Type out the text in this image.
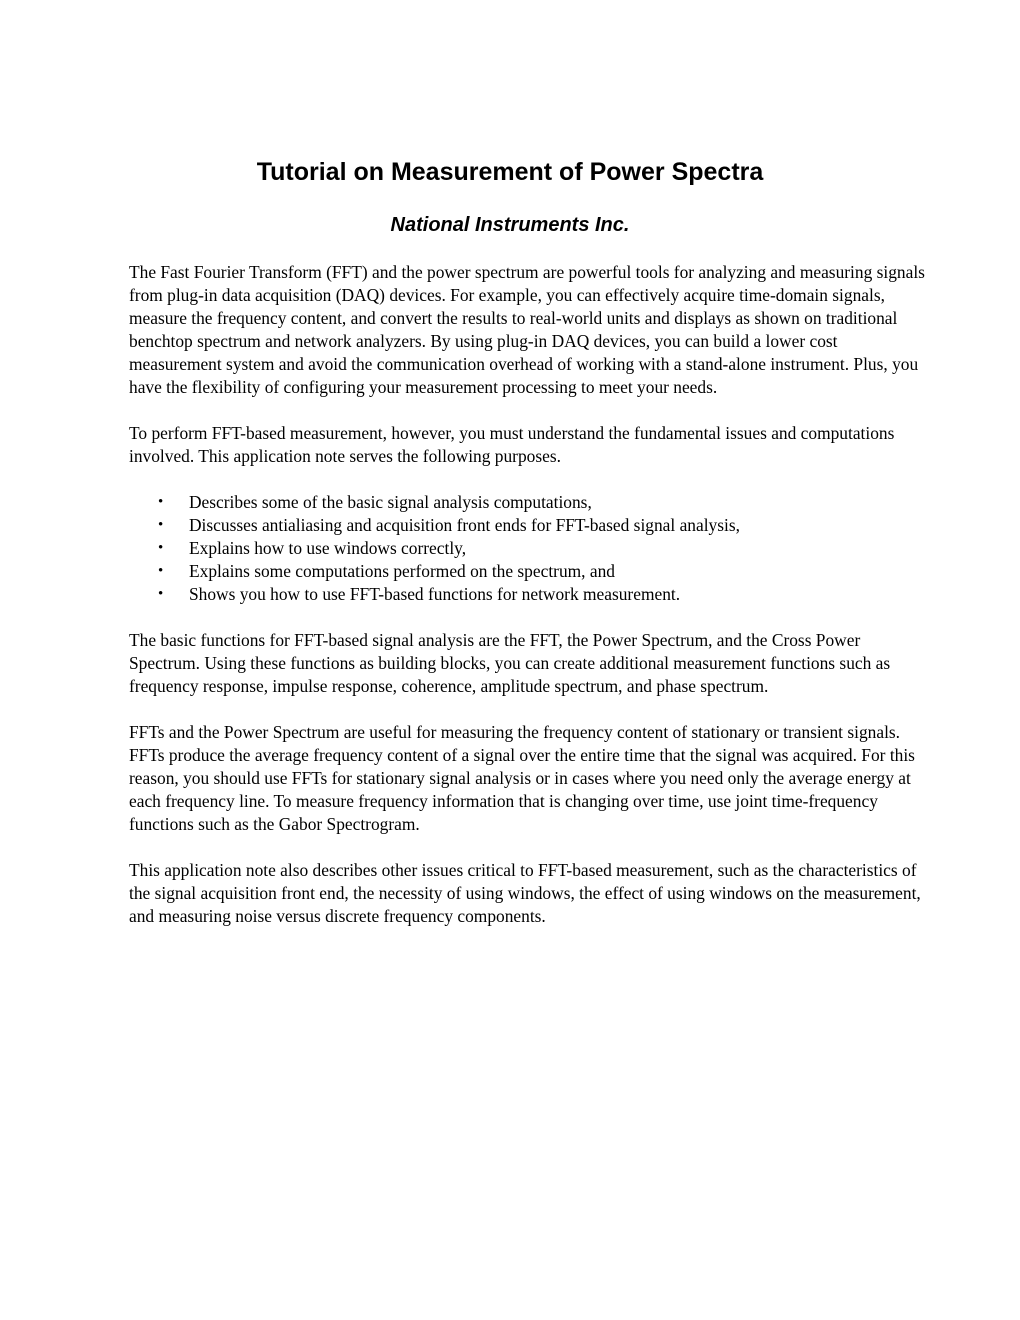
Tutorial on Measurement of Power Spectra
National Instruments Inc.

The Fast Fourier Transform (FFT) and the power spectrum are powerful tools for analyzing and measuring signals from plug-in data acquisition (DAQ) devices. For example, you can effectively acquire time-domain signals, measure the frequency content, and convert the results to real-world units and displays as shown on traditional benchtop spectrum and network analyzers. By using plug-in DAQ devices, you can build a lower cost measurement system and avoid the communication overhead of working with a stand-alone instrument. Plus, you have the flexibility of configuring your measurement processing to meet your needs.

To perform FFT-based measurement, however, you must understand the fundamental issues and computations involved. This application note serves the following purposes.

• Describes some of the basic signal analysis computations,
• Discusses antialiasing and acquisition front ends for FFT-based signal analysis,
• Explains how to use windows correctly,
• Explains some computations performed on the spectrum, and
• Shows you how to use FFT-based functions for network measurement.

The basic functions for FFT-based signal analysis are the FFT, the Power Spectrum, and the Cross Power Spectrum. Using these functions as building blocks, you can create additional measurement functions such as frequency response, impulse response, coherence, amplitude spectrum, and phase spectrum.

FFTs and the Power Spectrum are useful for measuring the frequency content of stationary or transient signals. FFTs produce the average frequency content of a signal over the entire time that the signal was acquired. For this reason, you should use FFTs for stationary signal analysis or in cases where you need only the average energy at each frequency line. To measure frequency information that is changing over time, use joint time-frequency functions such as the Gabor Spectrogram.

This application note also describes other issues critical to FFT-based measurement, such as the characteristics of the signal acquisition front end, the necessity of using windows, the effect of using windows on the measurement, and measuring noise versus discrete frequency components.
